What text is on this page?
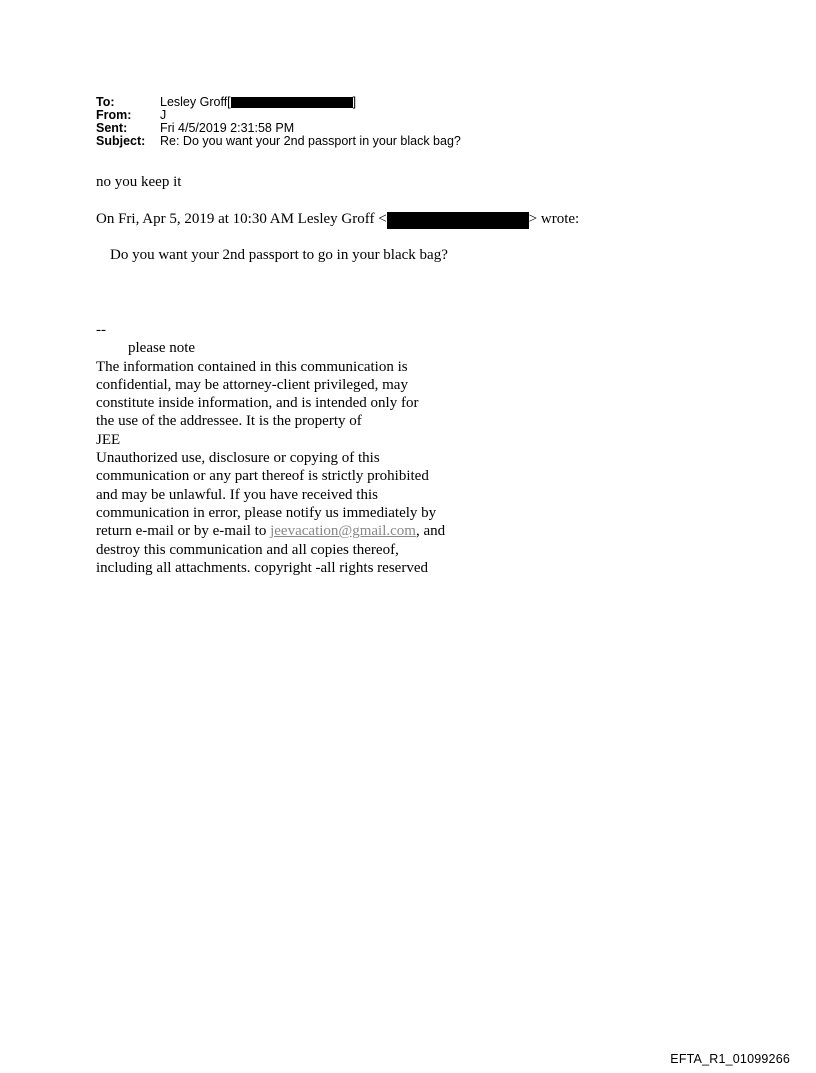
To:	Lesley Groff[	]
From:	J
Sent:	Fri 4/5/2019 2:31:58 PM
Subject:	Re: Do you want your 2nd passport in your black bag?
no you keep it
On Fri, Apr 5, 2019 at 10:30 AM Lesley Groff <	> wrote:
Do you want your 2nd passport to go in your black bag?
--
please note
The information contained in this communication is
confidential, may be attorney-client privileged, may
constitute inside information, and is intended only for
the use of the addressee. It is the property of
JEE
Unauthorized use, disclosure or copying of this
communication or any part thereof is strictly prohibited
and may be unlawful. If you have received this
communication in error, please notify us immediately by
return e-mail or by e-mail to jeevacation@gmail.com, and
destroy this communication and all copies thereof,
including all attachments. copyright -all rights reserved
EFTA_R1_01099266
